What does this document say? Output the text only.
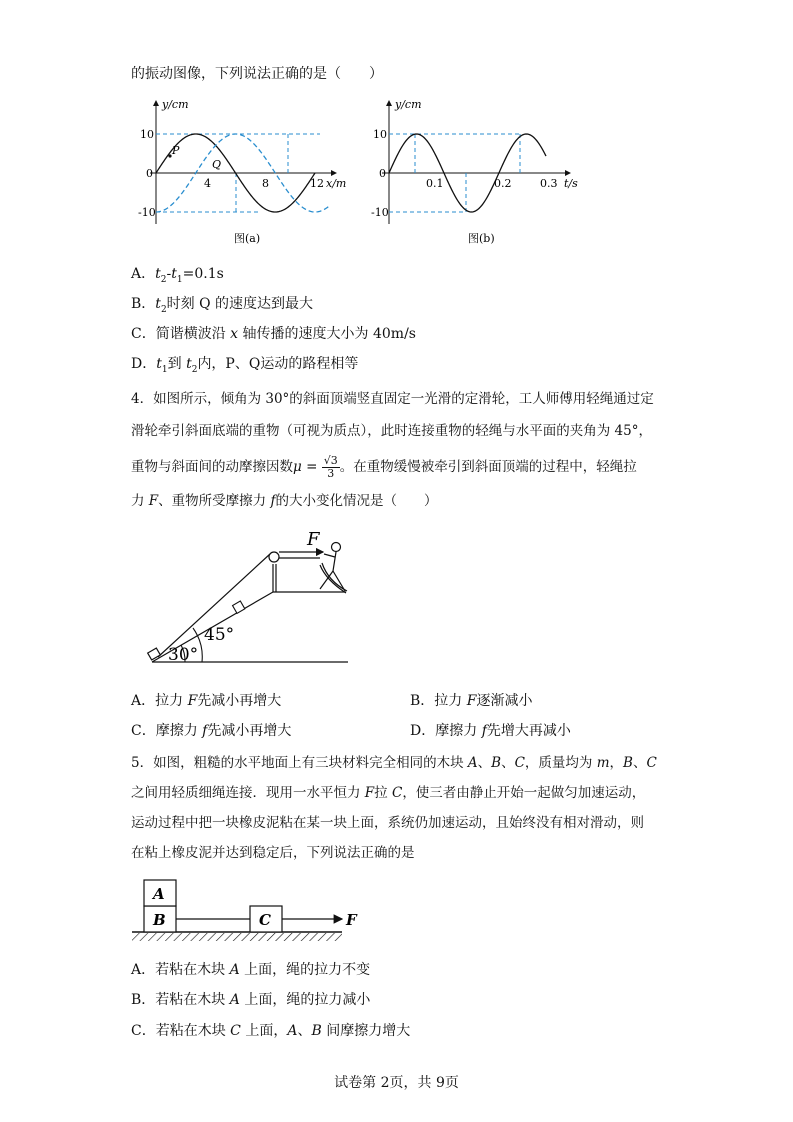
的振动图像，下列说法正确的是（　　）
y/cm
x/m
10
0
-10
4	8	12
P
Q
图(a)
y/cm
t/s
10
0
-10
0.1	0.2	0.3
图(b)
A．$t_2-t_1=0.1s$
B．$t_2$时刻 Q 的速度达到最大
C．简谐横波沿 x 轴传播的速度大小为 40m/s
D．$t_1$到 $t_2$内，P、Q运动的路程相等
4．如图所示，倾角为 30°的斜面顶端竖直固定一光滑的定滑轮，工人师傅用轻绳通过定
滑轮牵引斜面底端的重物（可视为质点），此时连接重物的轻绳与水平面的夹角为 45°，
重物与斜面间的动摩擦因数$\mu = \frac{√3}{3}$ 。在重物缓慢被牵引到斜面顶端的过程中，轻绳拉
力 F、重物所受摩擦力 f的大小变化情况是（　　）
F
45°
30°
A．拉力 F先减小再增大	B．拉力 F逐渐减小
C．摩擦力 f先减小再增大	D．摩擦力 f先增大再减小
5．如图，粗糙的水平地面上有三块材料完全相同的木块 A、B、C，质量均为 m，B、C
之间用轻质细绳连接．现用一水平恒力 F拉 C，使三者由静止开始一起做匀加速运动，
运动过程中把一块橡皮泥粘在某一块上面，系统仍加速运动，且始终没有相对滑动，则
在粘上橡皮泥并达到稳定后，下列说法正确的是
A
B	C	F
A．若粘在木块 A 上面，绳的拉力不变
B．若粘在木块 A 上面，绳的拉力减小
C．若粘在木块 C 上面，A、B 间摩擦力增大
试卷第 2页，共 9页
